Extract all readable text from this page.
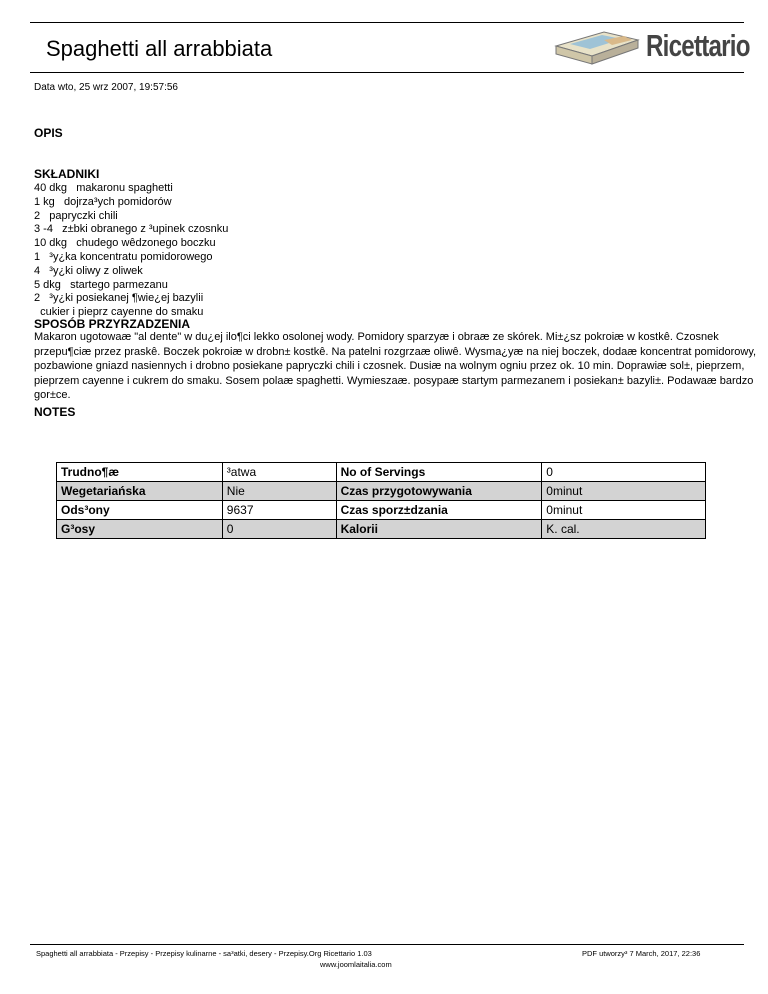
Spaghetti all arrabbiata	Ricettario
Data wto, 25 wrz 2007, 19:57:56
OPIS
SKŁADNIKI
40 dkg   makaronu spaghetti
1 kg   dojrza³ych pomidorów
2   papryczki chili
3 -4   z±bki obranego z ³upinek czosnku
10 dkg   chudego wêdzonego boczku
1   ³y¿ka koncentratu pomidorowego
4   ³y¿ki oliwy z oliwek
5 dkg   startego parmezanu
2   ³y¿ki posiekanej ¶wie¿ej bazylii
cukier i pieprz cayenne do smaku
SPOSÓB PRZYRZADZENIA
Makaron ugotowaæ "al dente" w du¿ej ilo¶ci lekko osolonej wody. Pomidory sparzyæ i obraæ ze skórek. Mi±¿sz pokroiæ w kostkê. Czosnek przepu¶ciæ przez praskê. Boczek pokroiæ w drobn± kostkê. Na patelni rozgrzaæ oliwê. Wysma¿yæ na niej boczek, dodaæ koncentrat pomidorowy, pozbawione gniazd nasiennych i drobno posiekane papryczki chili i czosnek. Dusiæ na wolnym ogniu przez ok. 10 min. Doprawiæ sol±, pieprzem, pieprzem cayenne i cukrem do smaku. Sosem polaæ spaghetti. Wymieszaæ. posypaæ startym parmezanem i posiekan± bazyli±. Podawaæ bardzo gor±ce.
NOTES
Trudno¶æ	³atwa	No of Servings	0
Wegetariańska	Nie	Czas przygotowywania	0minut
Ods³ony	9637	Czas sporz±dzania	0minut
G³osy	0	Kalorii	K. cal.
Spaghetti all arrabbiata - Przepisy - Przepisy kulinarne - sa³atki, desery - Przepisy.Org Ricettario 1.03
www.joomlaitalia.com
PDF utworzy³ 7 March, 2017, 22:36
